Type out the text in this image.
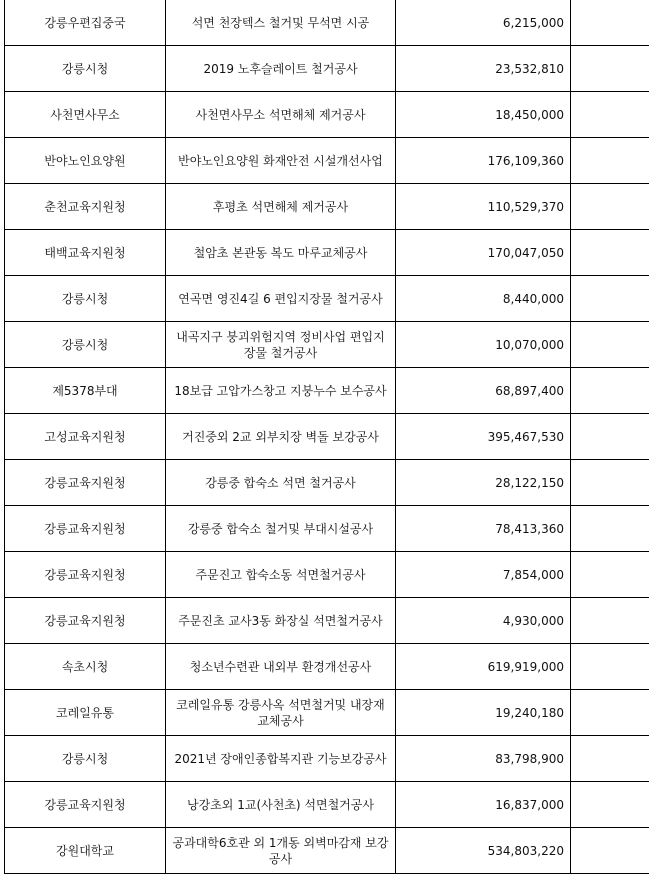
강릉우편집중국	석면 천장텍스 철거및 무석면 시공	6,215,000	
강릉시청	2019 노후슬레이트 철거공사	23,532,810	
사천면사무소	사천면사무소 석면해체 제거공사	18,450,000	
반야노인요양원	반야노인요양원 화재안전 시설개선사업	176,109,360	
춘천교육지원청	후평초 석면해체 제거공사	110,529,370	
태백교육지원청	철암초 본관동 복도 마루교체공사	170,047,050	
강릉시청	연곡면 영진4길 6 편입지장물 철거공사	8,440,000	
강릉시청	내곡지구 붕괴위험지역 정비사업 편입지장물 철거공사	10,070,000	
제5378부대	18보급 고압가스창고 지붕누수 보수공사	68,897,400	
고성교육지원청	거진중외 2교 외부치장 벽돌 보강공사	395,467,530	
강릉교육지원청	강릉중 합숙소 석면 철거공사	28,122,150	
강릉교육지원청	강릉중 합숙소 철거및 부대시설공사	78,413,360	
강릉교육지원청	주문진고 합숙소동 석면철거공사	7,854,000	
강릉교육지원청	주문진초 교사3동 화장실 석면철거공사	4,930,000	
속초시청	청소년수련관 내외부 환경개선공사	619,919,000	
코레일유통	코레일유통 강릉사옥 석면철거및 내장재 교체공사	19,240,180	
강릉시청	2021년 장애인종합복지관 기능보강공사	83,798,900	
강릉교육지원청	낭강초외 1교(사천초) 석면철거공사	16,837,000	
강원대학교	공과대학6호관 외 1개동 외벽마감재 보강공사	534,803,220	
